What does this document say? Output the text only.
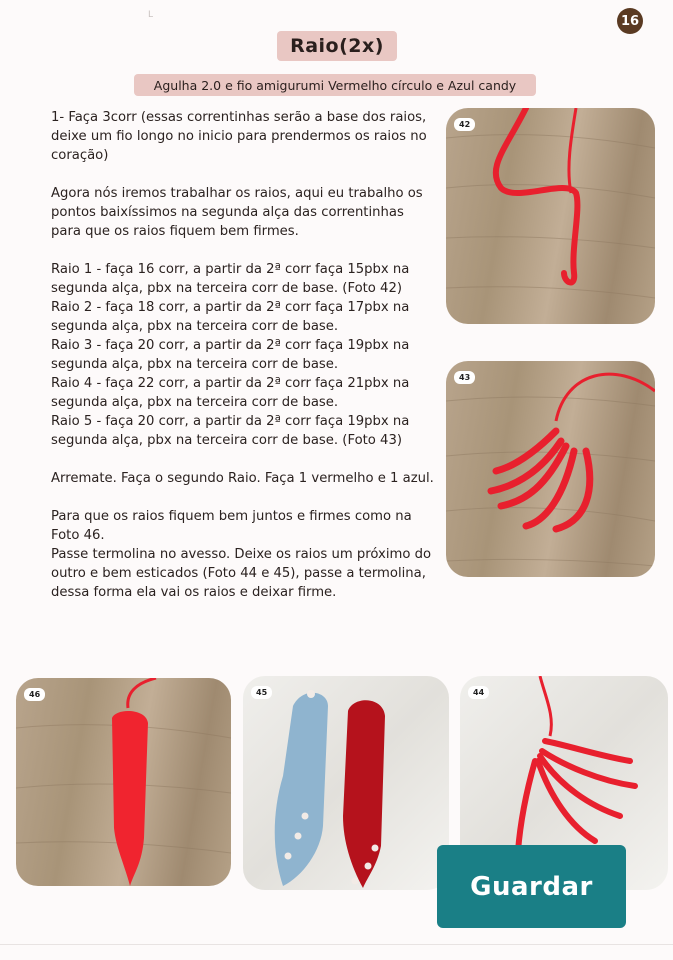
L	16
Raio(2x)
Agulha 2.0 e fio amigurumi Vermelho círculo e Azul candy

1- Faça 3corr (essas correntinhas serão a base dos raios, deixe um fio longo no inicio para prendermos os raios no coração)

Agora nós iremos trabalhar os raios, aqui eu trabalho os pontos baixíssimos na segunda alça das correntinhas para que os raios fiquem bem firmes.

Raio 1 - faça 16 corr, a partir da 2ª corr faça 15pbx na segunda alça, pbx na terceira corr de base. (Foto 42)
Raio 2 - faça 18 corr, a partir da 2ª corr faça 17pbx na segunda alça, pbx na terceira corr de base.
Raio 3 - faça 20 corr, a partir da 2ª corr faça 19pbx na segunda alça, pbx na terceira corr de base.
Raio 4 - faça 22 corr, a partir da 2ª corr faça 21pbx na segunda alça, pbx na terceira corr de base.
Raio 5 - faça 20 corr, a partir da 2ª corr faça 19pbx na segunda alça, pbx na terceira corr de base. (Foto 43)

Arremate. Faça o segundo Raio. Faça 1 vermelho e 1 azul.

Para que os raios fiquem bem juntos e firmes como na Foto 46.
Passe termolina no avesso. Deixe os raios um próximo do outro e bem esticados (Foto 44 e 45), passe a termolina, dessa forma ela vai os raios e deixar firme.

42
43
46	45	44
Guardar
